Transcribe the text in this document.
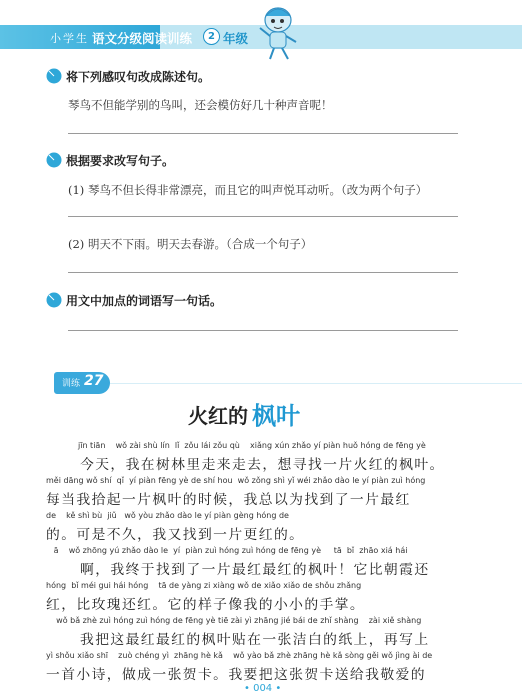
小学生 语文分级阅读训练	2 年级
将下列感叹句改成陈述句。
琴鸟不但能学别的鸟叫，还会模仿好几十种声音呢！
根据要求改写句子。
(1) 琴鸟不但长得非常漂亮，而且它的叫声悦耳动听。（改为两个句子）
(2) 明天不下雨。明天去春游。（合成一个句子）
用文中加点的词语写一句话。
训练 27
火红的 枫叶
jīn tiān    wǒ zài shù lín  lǐ  zǒu lái zǒu qù    xiǎng xún zhǎo yí piàn huǒ hóng de fēng yè
今天，我在树林里走来走去，想寻找一片火红的枫叶。
měi dāng wǒ shí  qǐ  yí piàn fēng yè de shí hou  wǒ zǒng shì yǐ wéi zhǎo dào le yí piàn zuì hóng
每当我拾起一片枫叶的时候，我总以为找到了一片最红
de    kě shì bù  jiǔ   wǒ yòu zhǎo dào le yí piàn gèng hóng de
的。可是不久，我又找到一片更红的。
ā    wǒ zhōng yú zhǎo dào le  yí  piàn zuì hóng zuì hóng de fēng yè     tā  bǐ  zhāo xiá hái
啊，我终于找到了一片最红最红的枫叶！它比朝霞还
hóng  bǐ méi gui hái hóng    tā de yàng zi xiàng wǒ de xiǎo xiǎo de shǒu zhǎng
红，比玫瑰还红。它的样子像我的小小的手掌。
wǒ bǎ zhè zuì hóng zuì hóng de fēng yè tiē zài yì zhāng jié bái de zhǐ shàng    zài xiě shàng
我把这最红最红的枫叶贴在一张洁白的纸上，再写上
yì shǒu xiǎo shī    zuò chéng yì  zhāng hè kǎ    wǒ yào bǎ zhè zhāng hè kǎ sòng gěi wǒ jìng ài de
一首小诗，做成一张贺卡。我要把这张贺卡送给我敬爱的
• 004 •
